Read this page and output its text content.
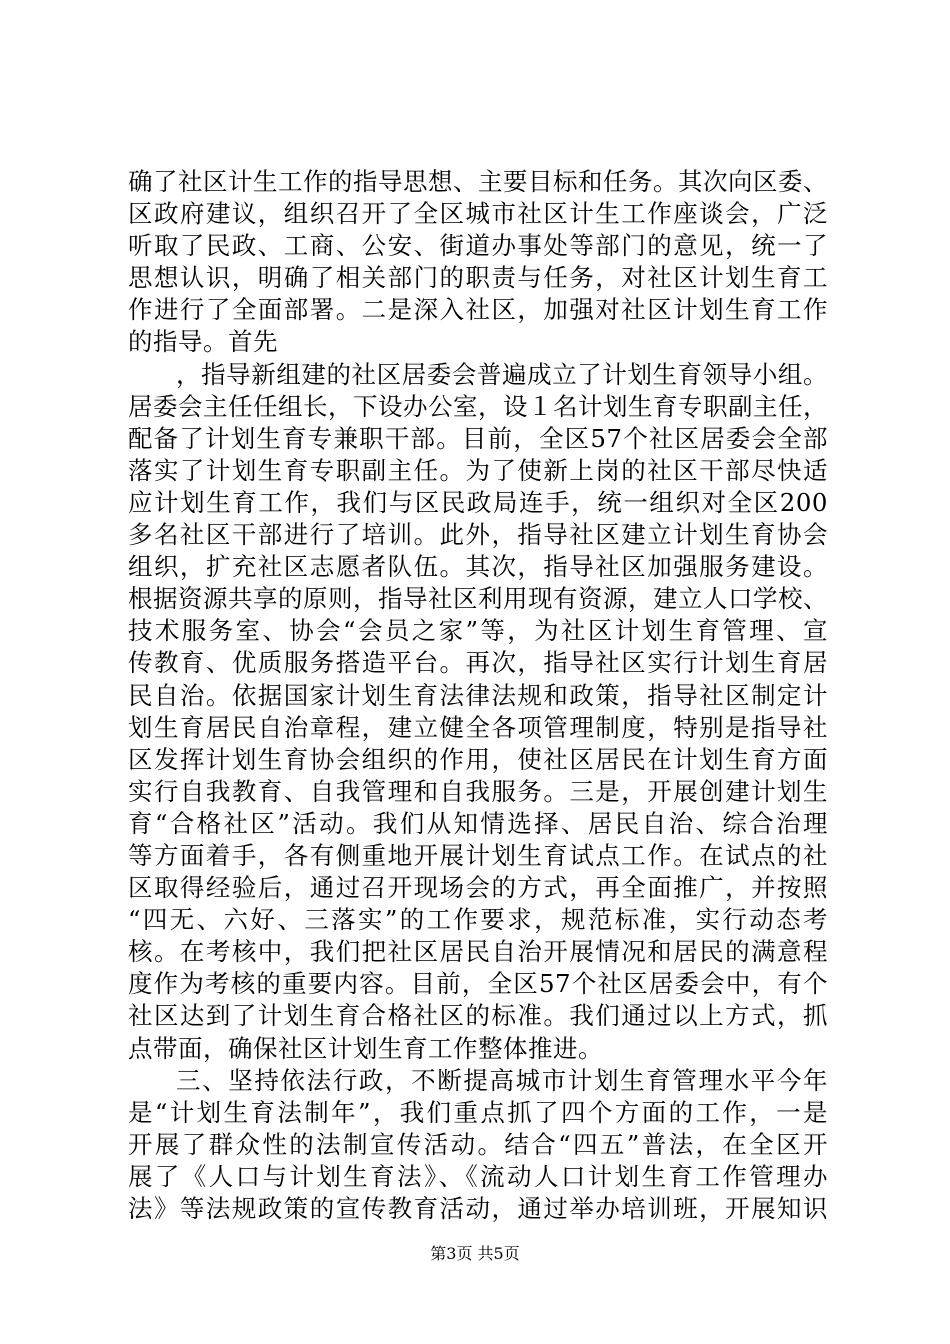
确了社区计生工作的指导思想、主要目标和任务。其次向区委、
区政府建议，组织召开了全区城市社区计生工作座谈会，广泛
听取了民政、工商、公安、街道办事处等部门的意见，统一了
思想认识，明确了相关部门的职责与任务，对社区计划生育工
作进行了全面部署。二是深入社区，加强对社区计划生育工作
的指导。首先
，指导新组建的社区居委会普遍成立了计划生育领导小组。
居委会主任任组长，下设办公室，设１名计划生育专职副主任，
配备了计划生育专兼职干部。目前，全区57个社区居委会全部
落实了计划生育专职副主任。为了使新上岗的社区干部尽快适
应计划生育工作，我们与区民政局连手，统一组织对全区200
多名社区干部进行了培训。此外，指导社区建立计划生育协会
组织，扩充社区志愿者队伍。其次，指导社区加强服务建设。
根据资源共享的原则，指导社区利用现有资源，建立人口学校、
技术服务室、协会“会员之家”等，为社区计划生育管理、宣
传教育、优质服务搭造平台。再次，指导社区实行计划生育居
民自治。依据国家计划生育法律法规和政策，指导社区制定计
划生育居民自治章程，建立健全各项管理制度，特别是指导社
区发挥计划生育协会组织的作用，使社区居民在计划生育方面
实行自我教育、自我管理和自我服务。三是，开展创建计划生
育“合格社区”活动。我们从知情选择、居民自治、综合治理
等方面着手，各有侧重地开展计划生育试点工作。在试点的社
区取得经验后，通过召开现场会的方式，再全面推广，并按照
“四无、六好、三落实”的工作要求，规范标准，实行动态考
核。在考核中，我们把社区居民自治开展情况和居民的满意程
度作为考核的重要内容。目前，全区57个社区居委会中，有个
社区达到了计划生育合格社区的标准。我们通过以上方式，抓
点带面，确保社区计划生育工作整体推进。
三、坚持依法行政，不断提高城市计划生育管理水平今年
是“计划生育法制年”，我们重点抓了四个方面的工作，一是
开展了群众性的法制宣传活动。结合“四五”普法，在全区开
展了《人口与计划生育法》、《流动人口计划生育工作管理办
法》等法规政策的宣传教育活动，通过举办培训班，开展知识
第3页 共5页
